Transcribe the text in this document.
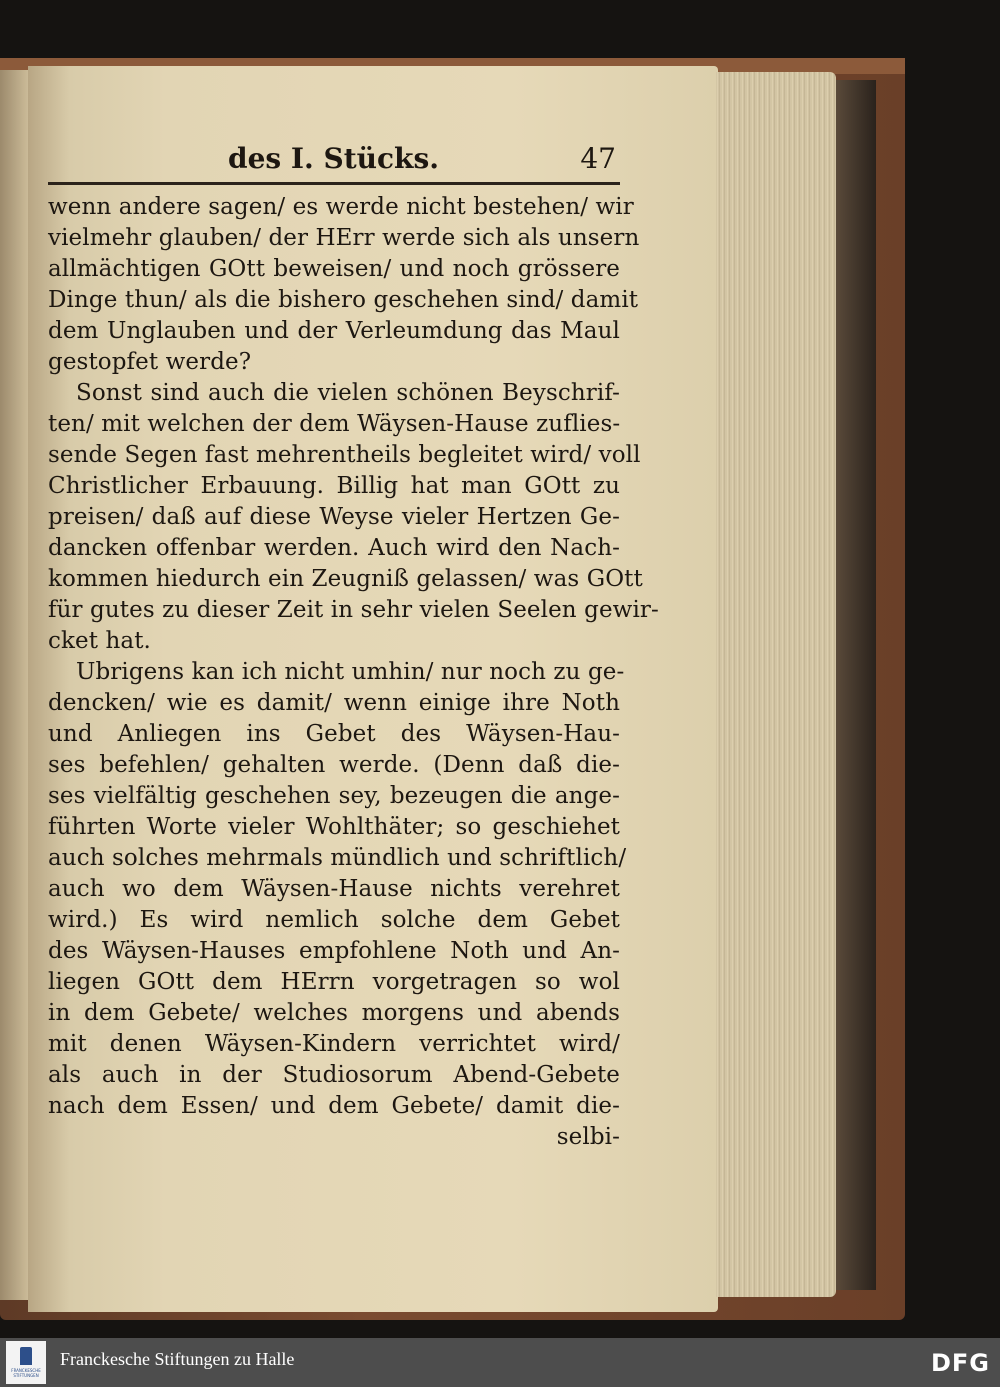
des I. Stücks.	47
wenn andere sagen/ es werde nicht bestehen/ wir
vielmehr glauben/ der HErr werde sich als unsern
allmächtigen GOtt beweisen/ und noch grössere
Dinge thun/ als die bishero geschehen sind/ damit
dem Unglauben und der Verleumdung das Maul
gestopfet werde?
Sonst sind auch die vielen schönen Beyschrif-
ten/ mit welchen der dem Wäysen-Hause zuflies-
sende Segen fast mehrentheils begleitet wird/ voll
Christlicher Erbauung. Billig hat man GOtt zu
preisen/ daß auf diese Weyse vieler Hertzen Ge-
dancken offenbar werden. Auch wird den Nach-
kommen hiedurch ein Zeugniß gelassen/ was GOtt
für gutes zu dieser Zeit in sehr vielen Seelen gewir-
cket hat.
Ubrigens kan ich nicht umhin/ nur noch zu ge-
dencken/ wie es damit/ wenn einige ihre Noth
und Anliegen ins Gebet des Wäysen-Hau-
ses befehlen/ gehalten werde. (Denn daß die-
ses vielfältig geschehen sey, bezeugen die ange-
führten Worte vieler Wohlthäter; so geschiehet
auch solches mehrmals mündlich und schriftlich/
auch wo dem Wäysen-Hause nichts verehret
wird.) Es wird nemlich solche dem Gebet
des Wäysen-Hauses empfohlene Noth und An-
liegen GOtt dem HErrn vorgetragen so wol
in dem Gebete/ welches morgens und abends
mit denen Wäysen-Kindern verrichtet wird/
als auch in der Studiosorum Abend-Gebete
nach dem Essen/ und dem Gebete/ damit die-
selbi-
FRANCKESCHE STIFTUNGEN
Franckesche Stiftungen zu Halle	DFG
